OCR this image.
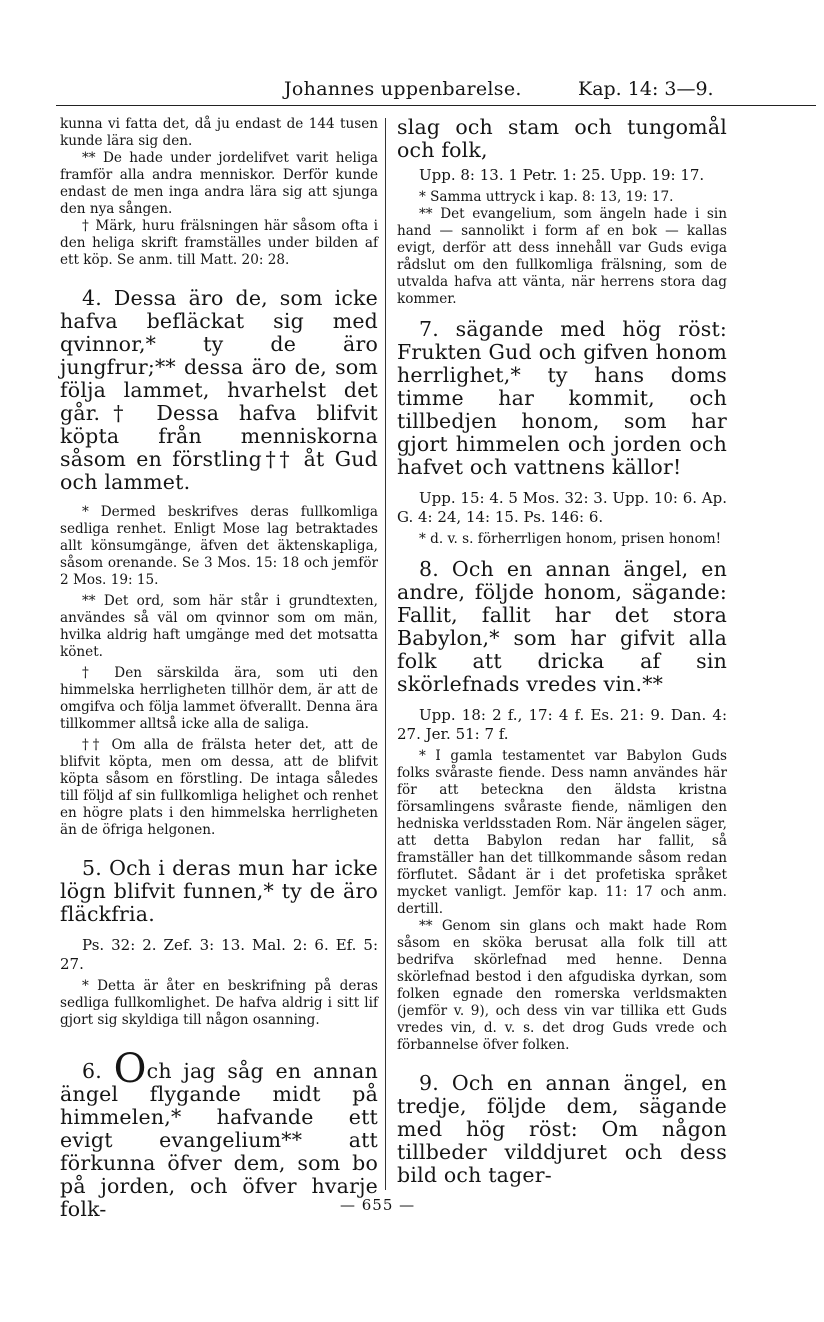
Johannes uppenbarelse.	Kap. 14: 3—9.

kunna vi fatta det, då ju endast de 144 tusen kunde lära sig den.

** De hade under jordelifvet varit heliga framför alla andra menniskor. Derför kunde endast de men inga andra lära sig att sjunga den nya sången.

† Märk, huru frälsningen här såsom ofta i den heliga skrift framställes under bilden af ett köp. Se anm. till Matt. 20: 28.

4. Dessa äro de, som icke hafva befläckat sig med qvinnor,* ty de äro jungfrur;** dessa äro de, som följa lammet, hvarhelst det går.† Dessa hafva blifvit köpta från menniskorna såsom en förstling†† åt Gud och lammet.

* Dermed beskrifves deras fullkomliga sedliga renhet. Enligt Mose lag betraktades allt könsumgänge, äfven det äktenskapliga, såsom orenande. Se 3 Mos. 15: 18 och jemför 2 Mos. 19: 15.

** Det ord, som här står i grundtexten, användes så väl om qvinnor som om män, hvilka aldrig haft umgänge med det motsatta könet.

† Den särskilda ära, som uti den himmelska herrligheten tillhör dem, är att de omgifva och följa lammet öfverallt. Denna ära tillkommer alltså icke alla de saliga.

†† Om alla de frälsta heter det, att de blifvit köpta, men om dessa, att de blifvit köpta såsom en förstling. De intaga således till följd af sin fullkomliga helighet och renhet en högre plats i den himmelska herrligheten än de öfriga helgonen.

5. Och i deras mun har icke lögn blifvit funnen,* ty de äro fläckfria.

Ps. 32: 2. Zef. 3: 13. Mal. 2: 6. Ef. 5: 27.

* Detta är åter en beskrifning på deras sedliga fullkomlighet. De hafva aldrig i sitt lif gjort sig skyldiga till någon osanning.

6. Och jag såg en annan ängel flygande midt på himmelen,* hafvande ett evigt evangelium** att förkunna öfver dem, som bo på jorden, och öfver hvarje folk-

slag och stam och tungomål och folk,

Upp. 8: 13. 1 Petr. 1: 25. Upp. 19: 17.

* Samma uttryck i kap. 8: 13, 19: 17.

** Det evangelium, som ängeln hade i sin hand — sannolikt i form af en bok — kallas evigt, derför att dess innehåll var Guds eviga rådslut om den fullkomliga frälsning, som de utvalda hafva att vänta, när herrens stora dag kommer.

7. sägande med hög röst: Frukten Gud och gifven honom herrlighet,* ty hans doms timme har kommit, och tillbedjen honom, som har gjort himmelen och jorden och hafvet och vattnens källor!

Upp. 15: 4. 5 Mos. 32: 3. Upp. 10: 6. Ap. G. 4: 24, 14: 15. Ps. 146: 6.

* d. v. s. förherrligen honom, prisen honom!

8. Och en annan ängel, en andre, följde honom, sägande: Fallit, fallit har det stora Babylon,* som har gifvit alla folk att dricka af sin skörlefnads vredes vin.**

Upp. 18: 2 f., 17: 4 f. Es. 21: 9. Dan. 4: 27. Jer. 51: 7 f.

* I gamla testamentet var Babylon Guds folks svåraste fiende. Dess namn användes här för att beteckna den äldsta kristna församlingens svåraste fiende, nämligen den hedniska verldsstaden Rom. När ängelen säger, att detta Babylon redan har fallit, så framställer han det tillkommande såsom redan förflutet. Sådant är i det profetiska språket mycket vanligt. Jemför kap. 11: 17 och anm. dertill.

** Genom sin glans och makt hade Rom såsom en sköka berusat alla folk till att bedrifva skörlefnad med henne. Denna skörlefnad bestod i den afgudiska dyrkan, som folken egnade den romerska verldsmakten (jemför v. 9), och dess vin var tillika ett Guds vredes vin, d. v. s. det drog Guds vrede och förbannelse öfver folken.

9. Och en annan ängel, en tredje, följde dem, sägande med hög röst: Om någon tillbeder vilddjuret och dess bild och tager-

— 655 —
